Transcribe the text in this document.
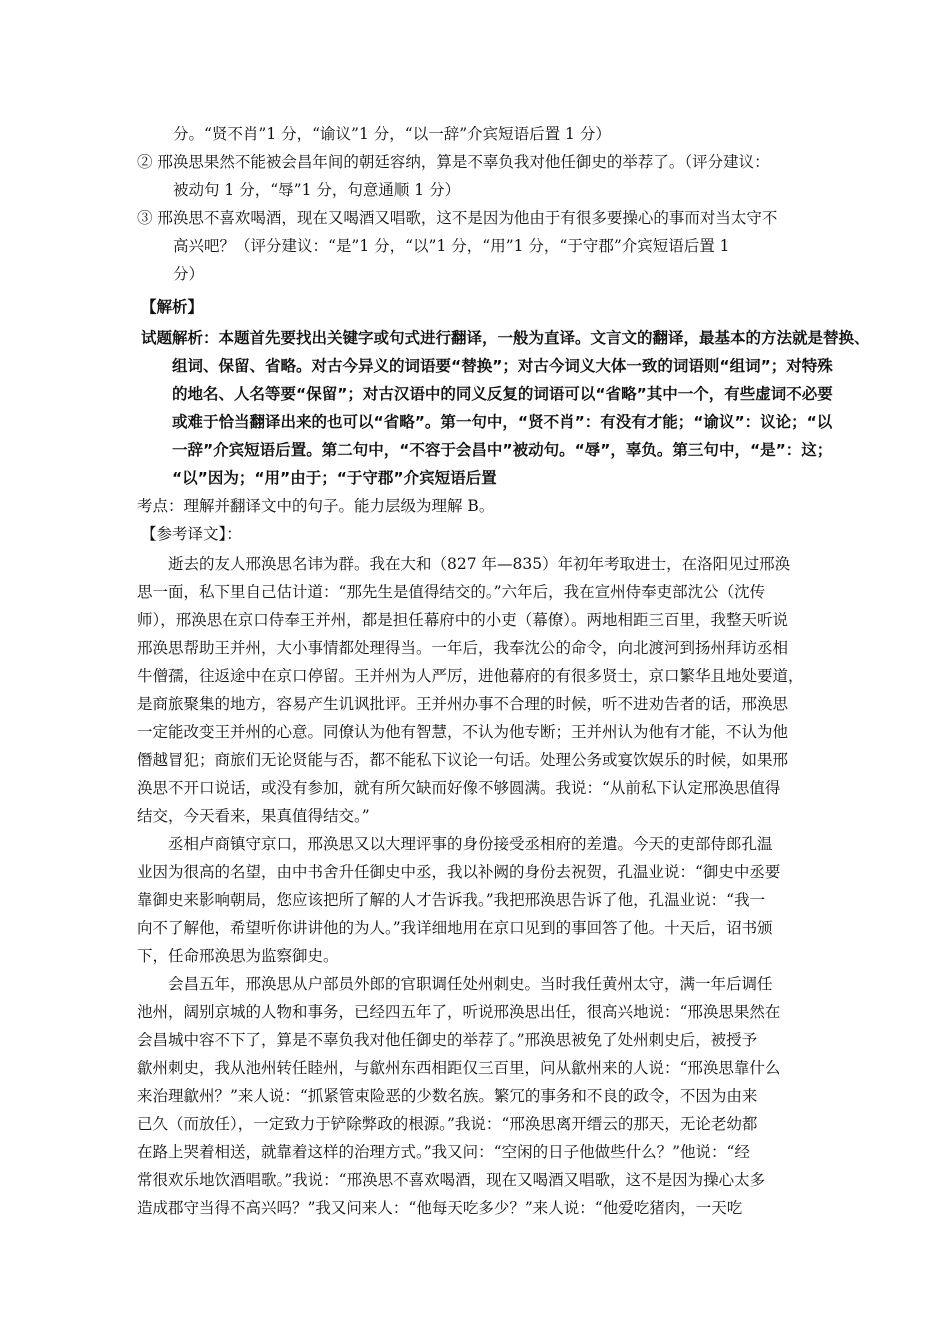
分。“贤不肖”1 分，“谕议”1 分，“以一辞”介宾短语后置 1 分）
② 邢涣思果然不能被会昌年间的朝廷容纳，算是不辜负我对他任御史的举荐了。（评分建议：
被动句 1 分，“辱”1 分，句意通顺 1 分）
③ 邢涣思不喜欢喝酒，现在又喝酒又唱歌，这不是因为他由于有很多要操心的事而对当太守不
高兴吧？（评分建议：“是”1 分，“以”1 分，“用”1 分，“于守郡”介宾短语后置 1
分）
【解析】
试题解析：本题首先要找出关键字或句式进行翻译，一般为直译。文言文的翻译，最基本的方法就是替换、
组词、保留、省略。对古今异义的词语要“替换”；对古今词义大体一致的词语则“组词”；对特殊
的地名、人名等要“保留”；对古汉语中的同义反复的词语可以“省略”其中一个，有些虚词不必要
或难于恰当翻译出来的也可以“省略”。第一句中，“贤不肖”：有没有才能；“谕议”：议论；“以
一辞”介宾短语后置。第二句中，“不容于会昌中”被动句。“辱”，辜负。第三句中，“是”：这；
“以”因为；“用”由于；“于守郡”介宾短语后置
考点：理解并翻译文中的句子。能力层级为理解 B。
【参考译文】：
逝去的友人邢涣思名讳为群。我在大和（827 年—835）年初年考取进士，在洛阳见过邢涣
思一面，私下里自己估计道：“那先生是值得结交的。”六年后，我在宣州侍奉吏部沈公（沈传
师），邢涣思在京口侍奉王并州，都是担任幕府中的小吏（幕僚）。两地相距三百里，我整天听说
邢涣思帮助王并州，大小事情都处理得当。一年后，我奉沈公的命令，向北渡河到扬州拜访丞相
牛僧孺，往返途中在京口停留。王并州为人严厉，进他幕府的有很多贤士，京口繁华且地处要道，
是商旅聚集的地方，容易产生讥讽批评。王并州办事不合理的时候，听不进劝告者的话，邢涣思
一定能改变王并州的心意。同僚认为他有智慧，不认为他专断；王并州认为他有才能，不认为他
僭越冒犯；商旅们无论贤能与否，都不能私下议论一句话。处理公务或宴饮娱乐的时候，如果邢
涣思不开口说话，或没有参加，就有所欠缺而好像不够圆满。我说：“从前私下认定邢涣思值得
结交，今天看来，果真值得结交。”
丞相卢商镇守京口，邢涣思又以大理评事的身份接受丞相府的差遣。今天的吏部侍郎孔温
业因为很高的名望，由中书舍升任御史中丞，我以补阙的身份去祝贺，孔温业说：“御史中丞要
靠御史来影响朝局，您应该把所了解的人才告诉我。”我把邢涣思告诉了他，孔温业说：“我一
向不了解他，希望听你讲讲他的为人。”我详细地用在京口见到的事回答了他。十天后，诏书颁
下，任命邢涣思为监察御史。
会昌五年，邢涣思从户部员外郎的官职调任处州刺史。当时我任黄州太守，满一年后调任
池州，阔别京城的人物和事务，已经四五年了，听说邢涣思出任，很高兴地说：“邢涣思果然在
会昌城中容不下了，算是不辜负我对他任御史的举荐了。”邢涣思被免了处州刺史后，被授予
歙州刺史，我从池州转任睦州，与歙州东西相距仅三百里，问从歙州来的人说：“邢涣思靠什么
来治理歙州？”来人说：“抓紧管束险恶的少数名族。繁冗的事务和不良的政令，不因为由来
已久（而放任），一定致力于铲除弊政的根源。”我说：“邢涣思离开缙云的那天，无论老幼都
在路上哭着相送，就靠着这样的治理方式。”我又问：“空闲的日子他做些什么？”他说：“经
常很欢乐地饮酒唱歌。”我说：“邢涣思不喜欢喝酒，现在又喝酒又唱歌，这不是因为操心太多
造成郡守当得不高兴吗？”我又问来人：“他每天吃多少？”来人说：“他爱吃猪肉，一天吃
